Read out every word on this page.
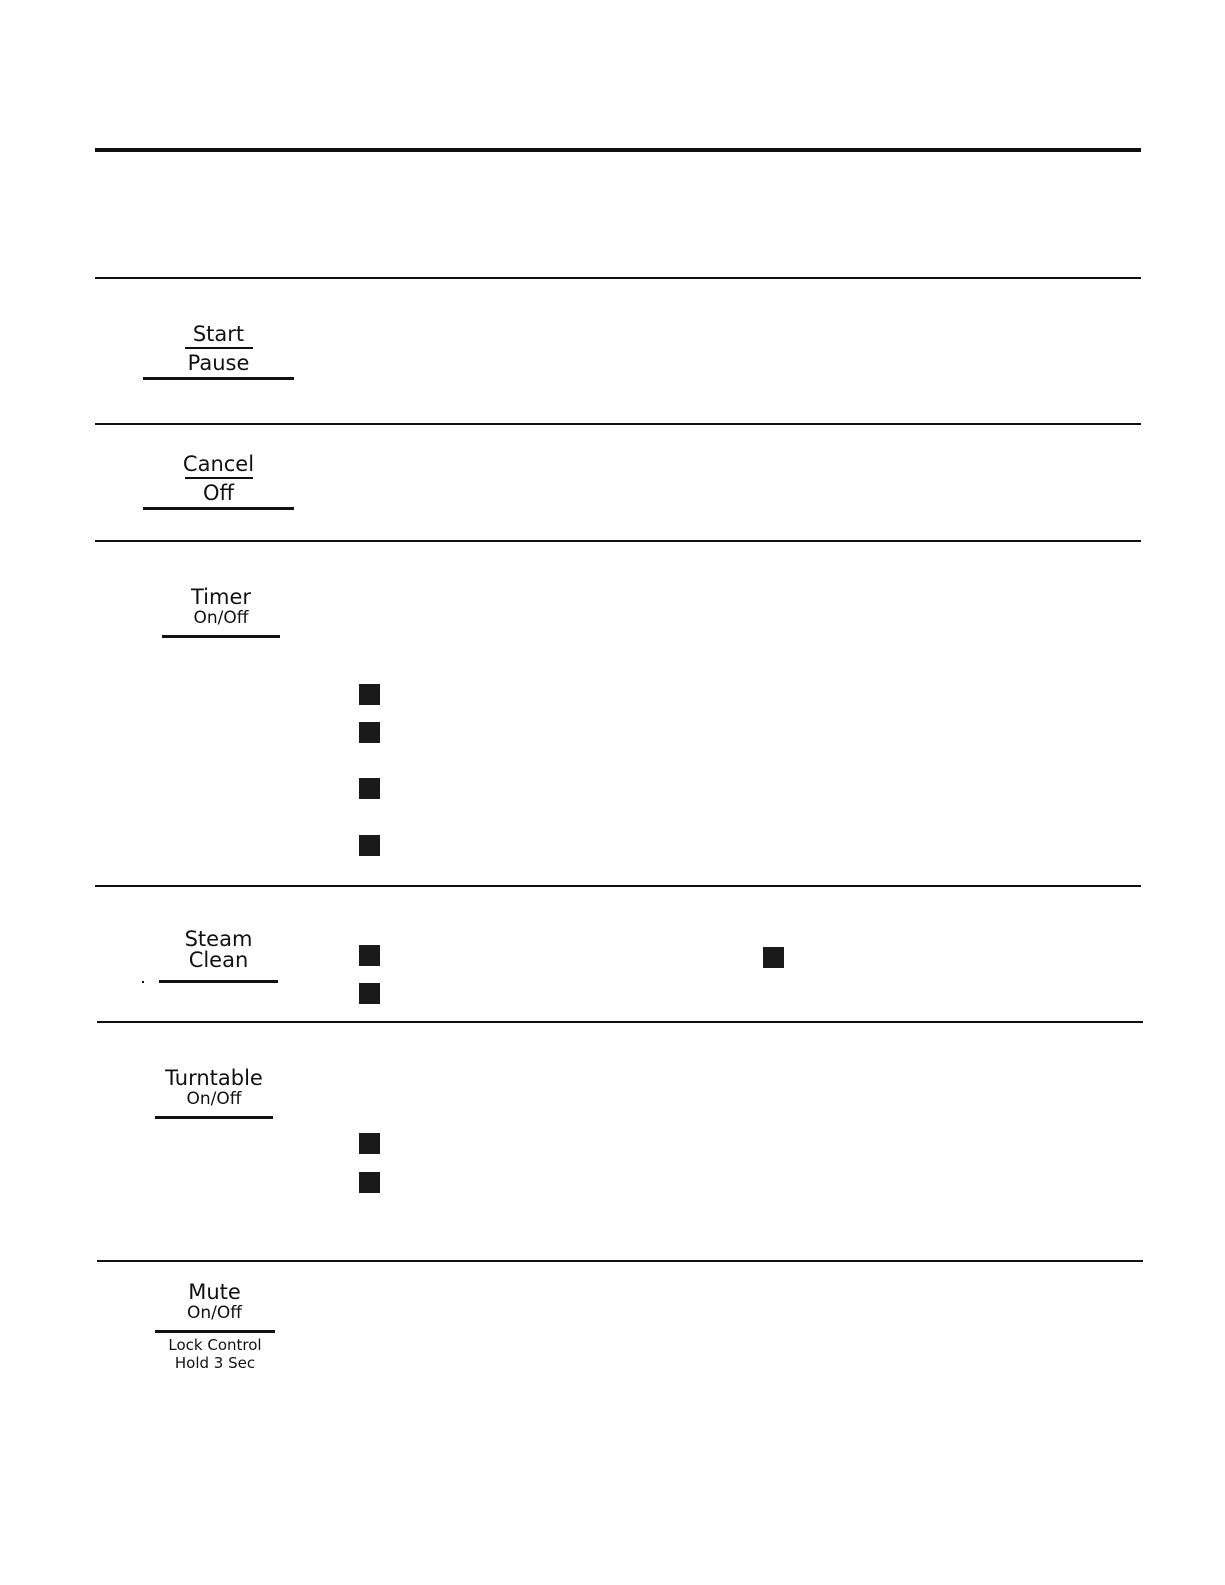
Start
Pause
Cancel
Off
Timer
On/Off
Steam
Clean
Turntable
On/Off
Mute
On/Off
Lock Control
Hold 3 Sec
